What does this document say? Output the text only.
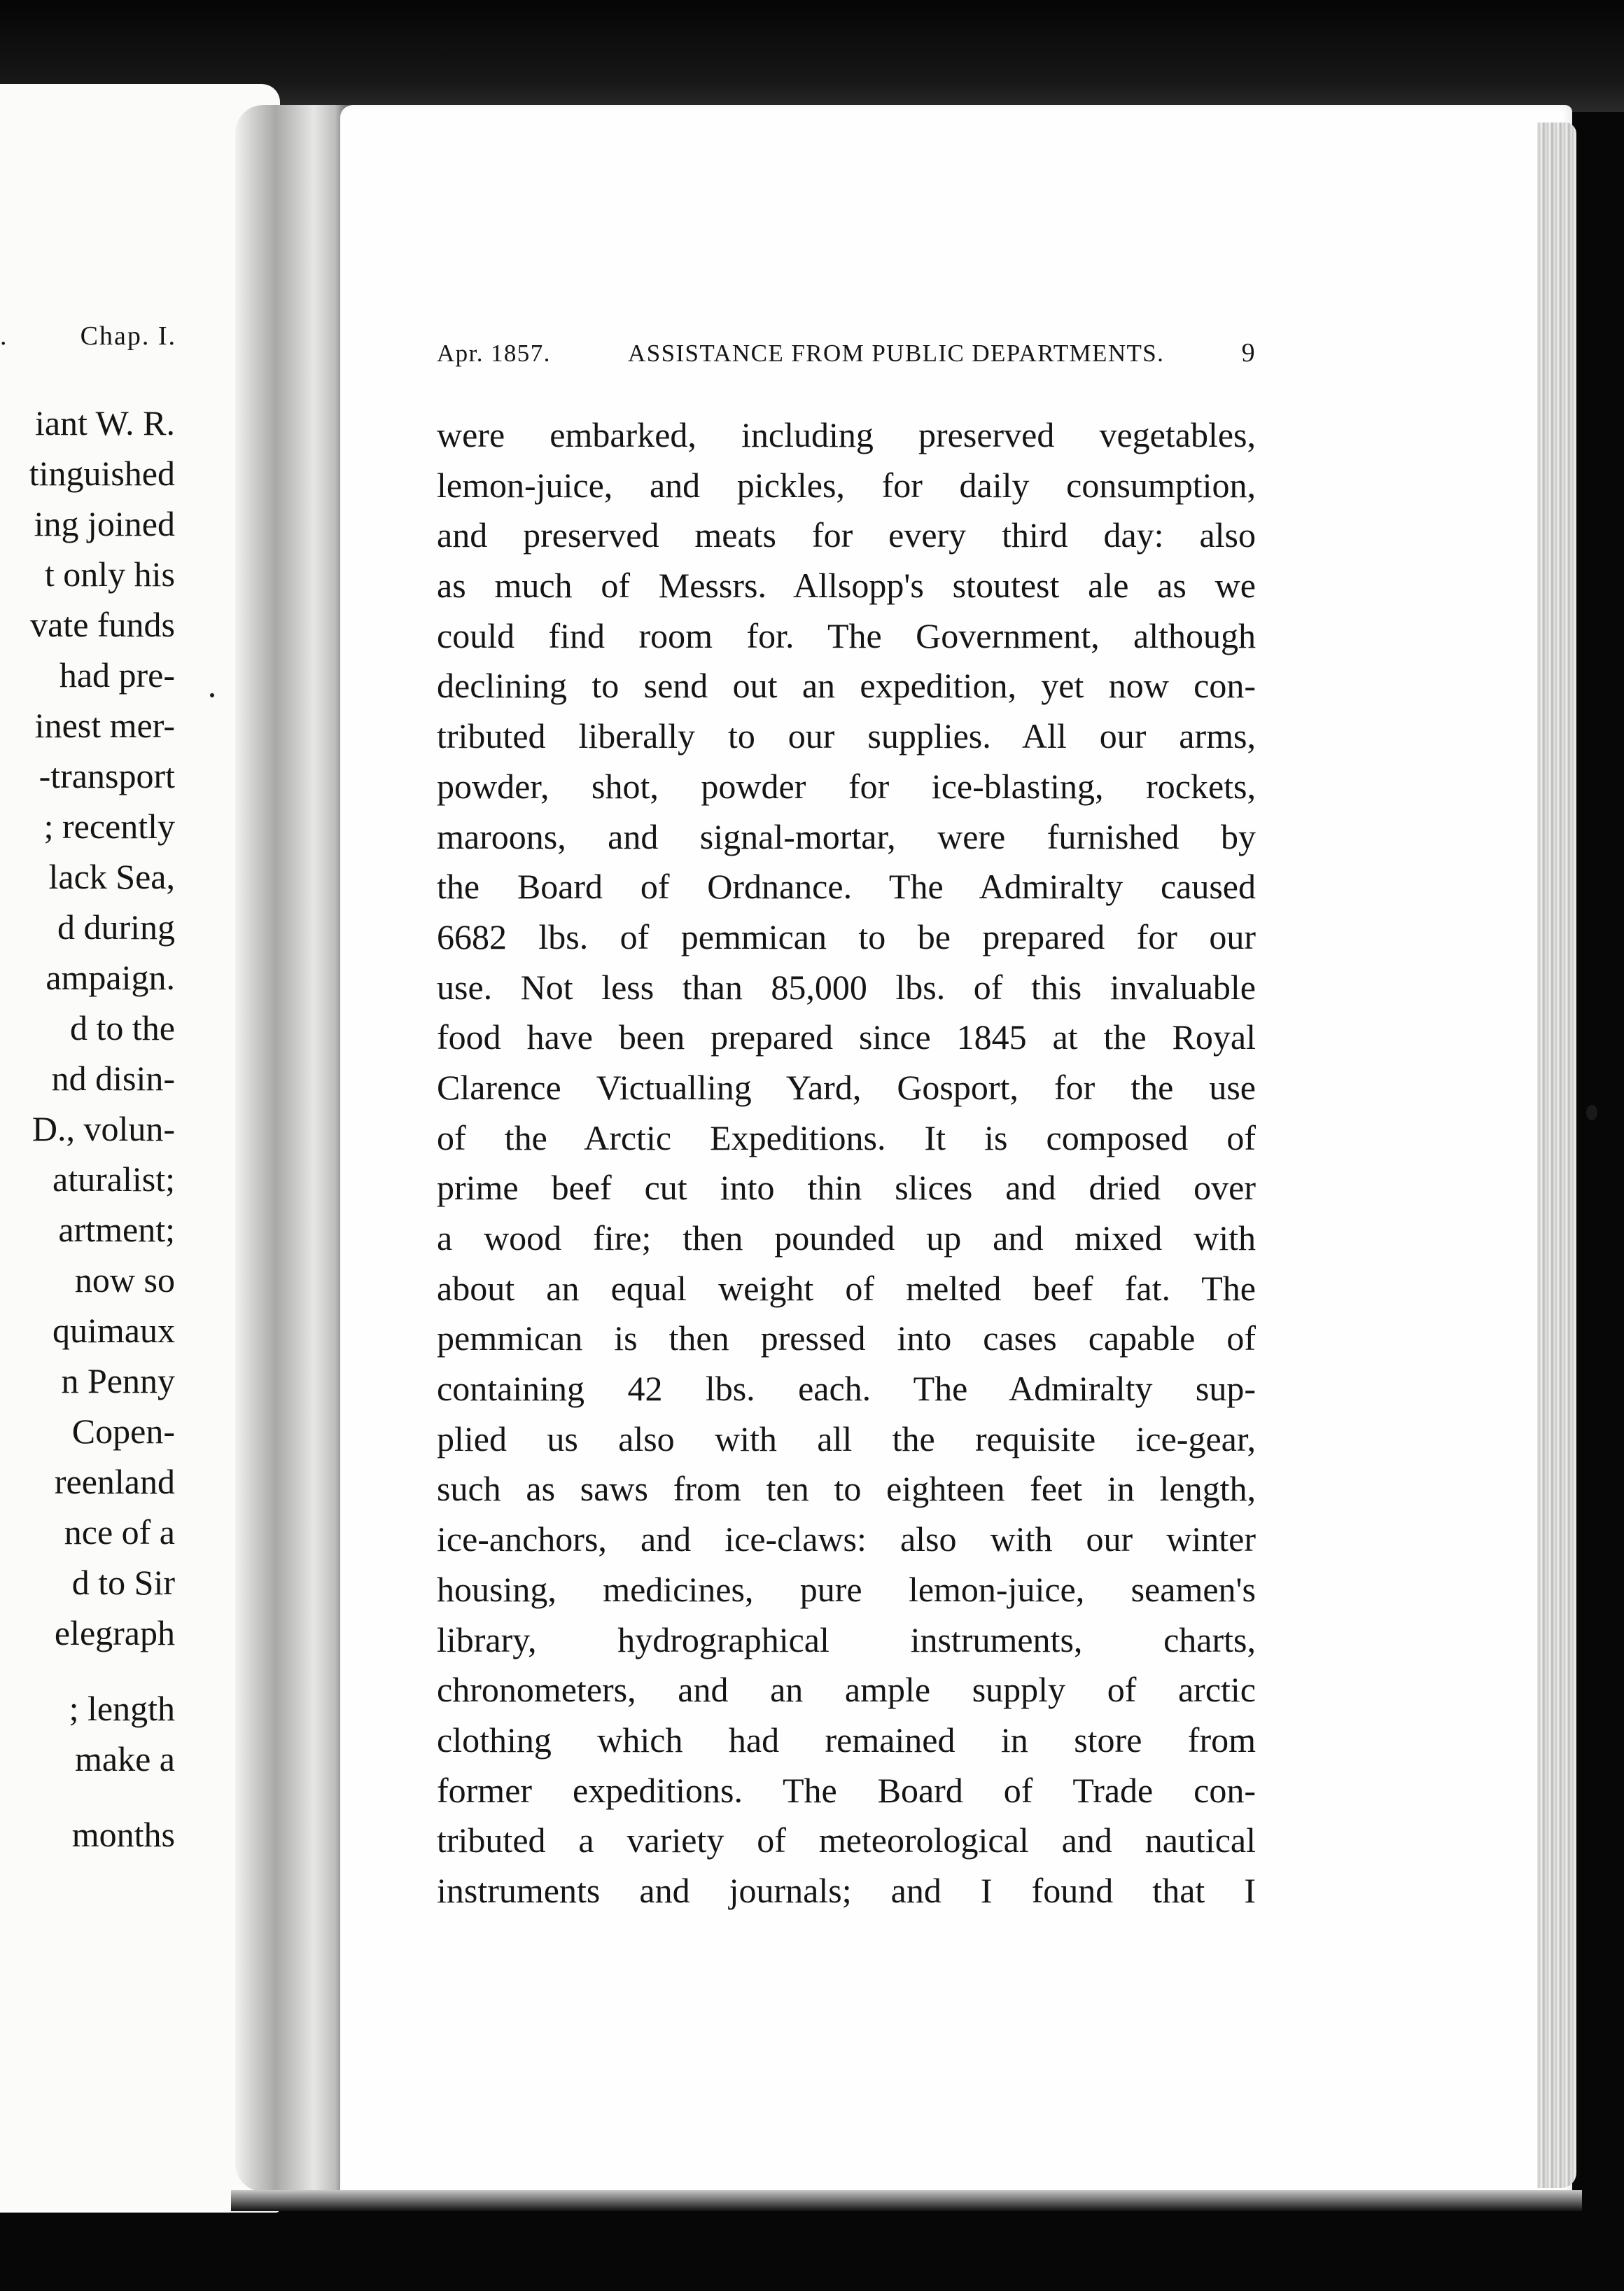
.	Chap. I.
iant W. R.
tinguished
ing joined
t only his
vate funds
had pre-
inest mer-
-transport
; recently
lack Sea,
d during
ampaign.
d to the
nd disin-
D., volun-
aturalist;
artment;
now so
quimaux
n Penny
Copen-
reenland
nce of a
d to Sir
elegraph
; length
make a
months
Apr. 1857.	ASSISTANCE FROM PUBLIC DEPARTMENTS.	9
were embarked, including preserved vegetables,
lemon-juice, and pickles, for daily consumption,
and preserved meats for every third day: also
as much of Messrs. Allsopp's stoutest ale as we
could find room for. The Government, although
declining to send out an expedition, yet now con-
tributed liberally to our supplies. All our arms,
powder, shot, powder for ice-blasting, rockets,
maroons, and signal-mortar, were furnished by
the Board of Ordnance. The Admiralty caused
6682 lbs. of pemmican to be prepared for our
use. Not less than 85,000 lbs. of this invaluable
food have been prepared since 1845 at the Royal
Clarence Victualling Yard, Gosport, for the use
of the Arctic Expeditions. It is composed of
prime beef cut into thin slices and dried over
a wood fire; then pounded up and mixed with
about an equal weight of melted beef fat. The
pemmican is then pressed into cases capable of
containing 42 lbs. each. The Admiralty sup-
plied us also with all the requisite ice-gear,
such as saws from ten to eighteen feet in length,
ice-anchors, and ice-claws: also with our winter
housing, medicines, pure lemon-juice, seamen's
library, hydrographical instruments, charts,
chronometers, and an ample supply of arctic
clothing which had remained in store from
former expeditions. The Board of Trade con-
tributed a variety of meteorological and nautical
instruments and journals; and I found that I
